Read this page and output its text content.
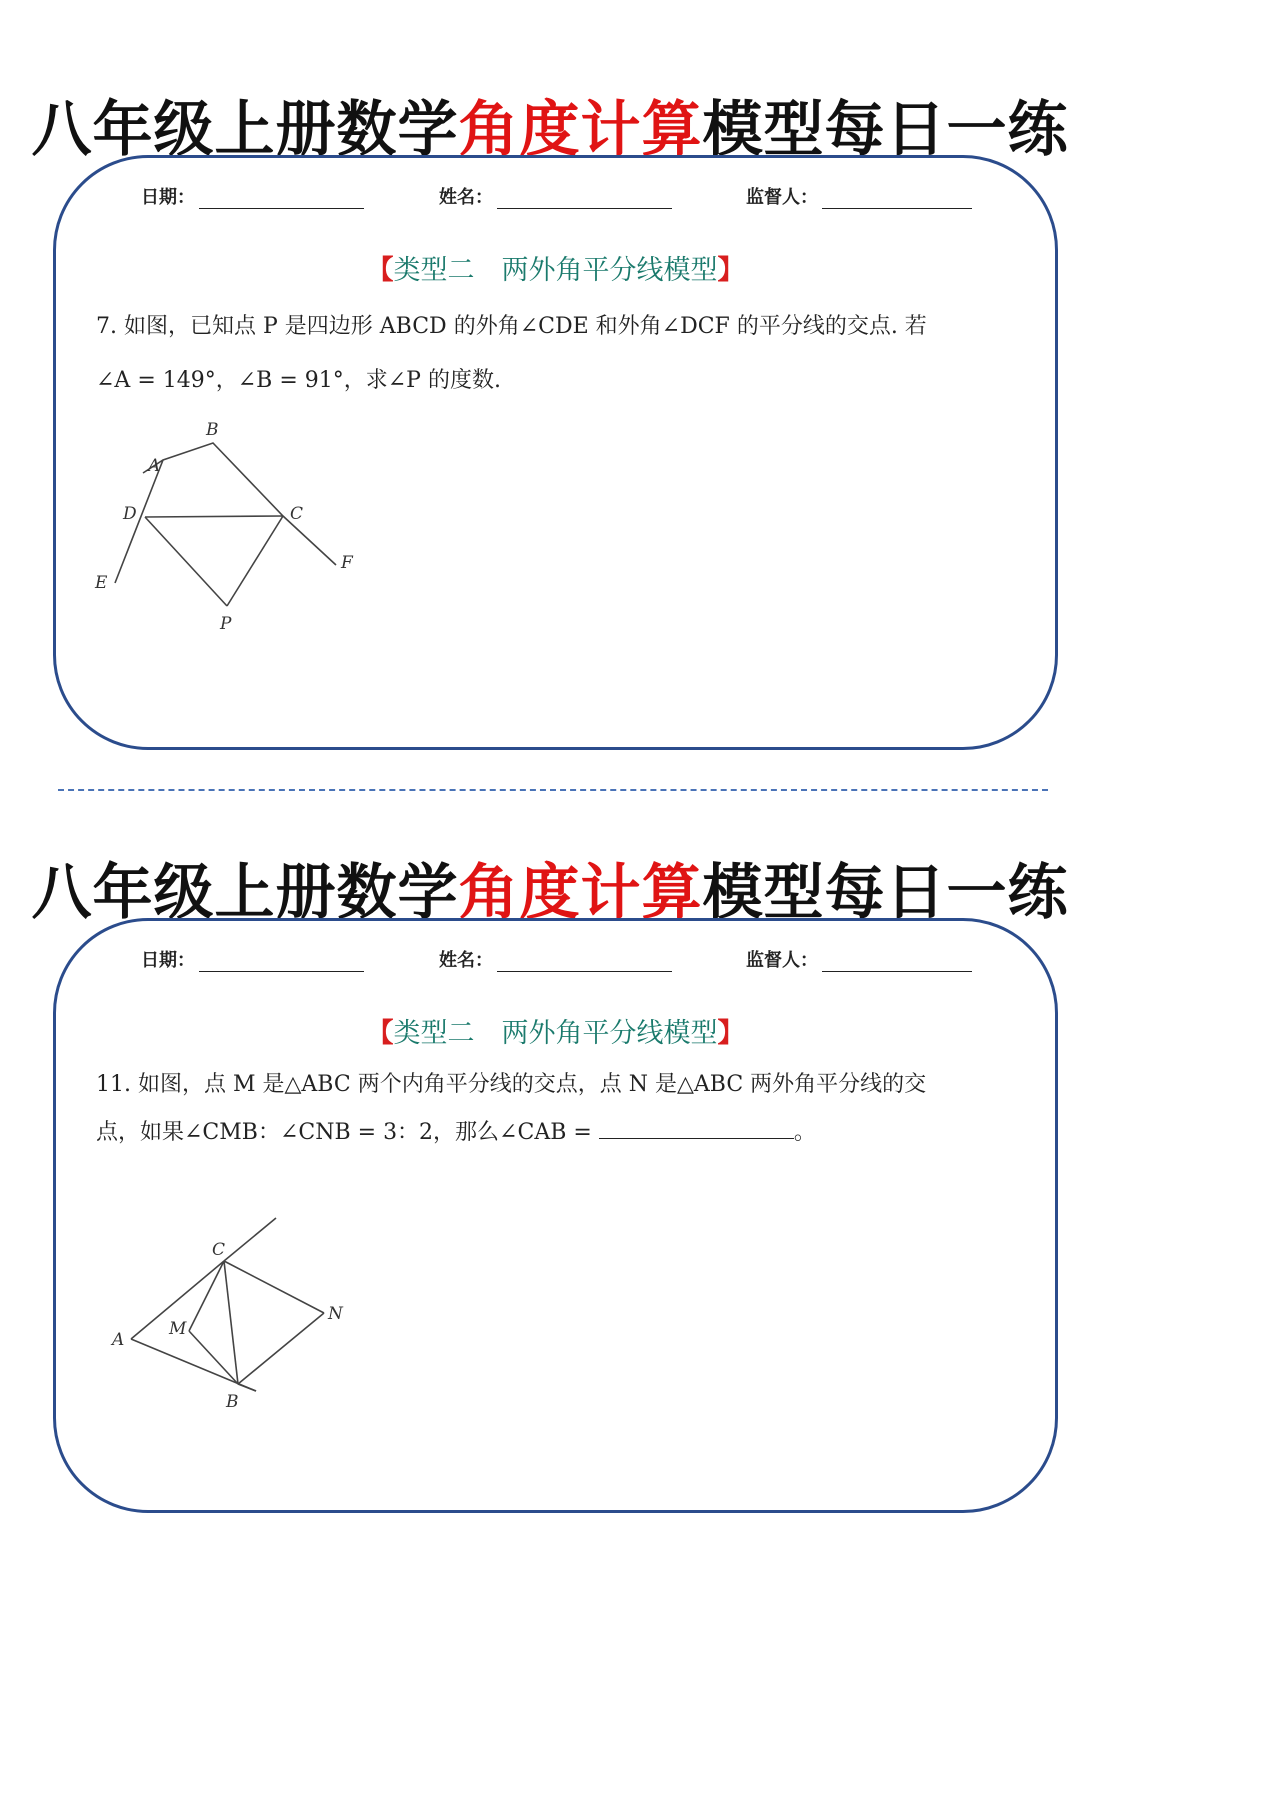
八年级上册数学角度计算模型每日一练
日期：	姓名：	监督人：
【类型二　两外角平分线模型】
7. 如图，已知点 P 是四边形 ABCD 的外角∠CDE 和外角∠DCF 的平分线的交点. 若
∠A = 149°，∠B = 91°，求∠P 的度数.
B
A
D	C
F
E
P
八年级上册数学角度计算模型每日一练
日期：	姓名：	监督人：
【类型二　两外角平分线模型】
11. 如图，点 M 是△ABC 两个内角平分线的交点，点 N 是△ABC 两外角平分线的交
点，如果∠CMB：∠CNB = 3：2，那么∠CAB =	。
C
A
M
N
B
